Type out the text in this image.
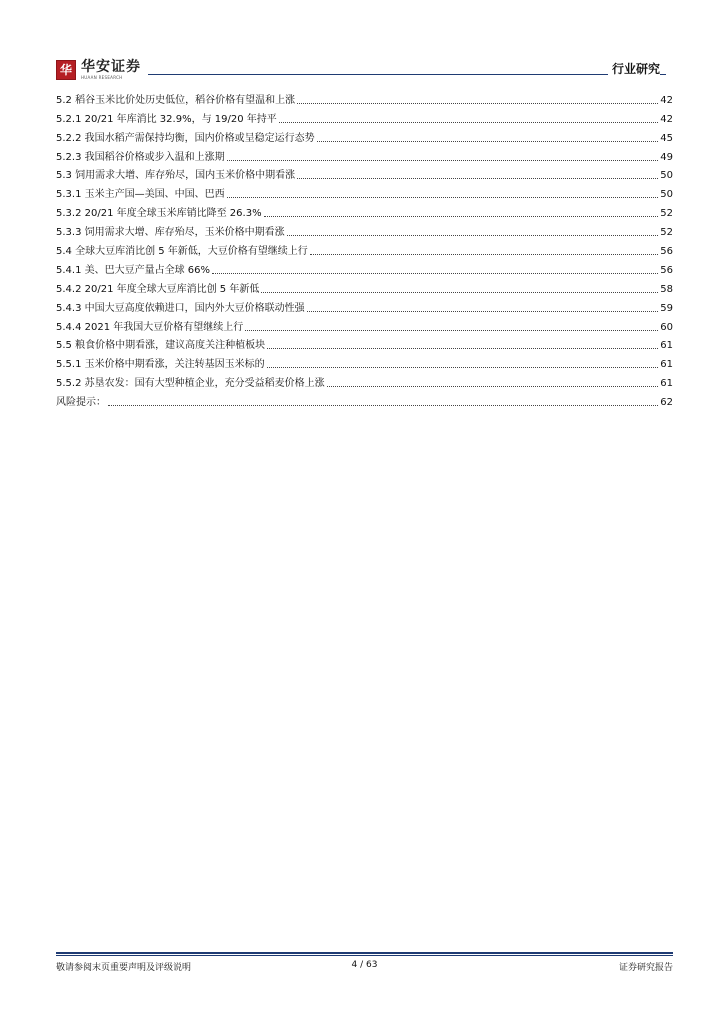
华 华安证券
HUAAN RESEARCH
行业研究
5.2 稻谷玉米比价处历史低位，稻谷价格有望温和上涨	42
5.2.1 20/21 年库消比 32.9%，与 19/20 年持平	42
5.2.2 我国水稻产需保持均衡，国内价格或呈稳定运行态势	45
5.2.3 我国稻谷价格或步入温和上涨期	49
5.3 饲用需求大增、库存殆尽，国内玉米价格中期看涨	50
5.3.1 玉米主产国—美国、中国、巴西	50
5.3.2 20/21 年度全球玉米库销比降至 26.3%	52
5.3.3 饲用需求大增、库存殆尽，玉米价格中期看涨	52
5.4 全球大豆库消比创 5 年新低，大豆价格有望继续上行	56
5.4.1 美、巴大豆产量占全球 66%	56
5.4.2 20/21 年度全球大豆库消比创 5 年新低	58
5.4.3 中国大豆高度依赖进口，国内外大豆价格联动性强	59
5.4.4 2021 年我国大豆价格有望继续上行	60
5.5 粮食价格中期看涨，建议高度关注种植板块	61
5.5.1 玉米价格中期看涨，关注转基因玉米标的	61
5.5.2 苏垦农发：国有大型种植企业，充分受益稻麦价格上涨	61
风险提示：	62
敬请参阅末页重要声明及评级说明	4 / 63	证券研究报告
